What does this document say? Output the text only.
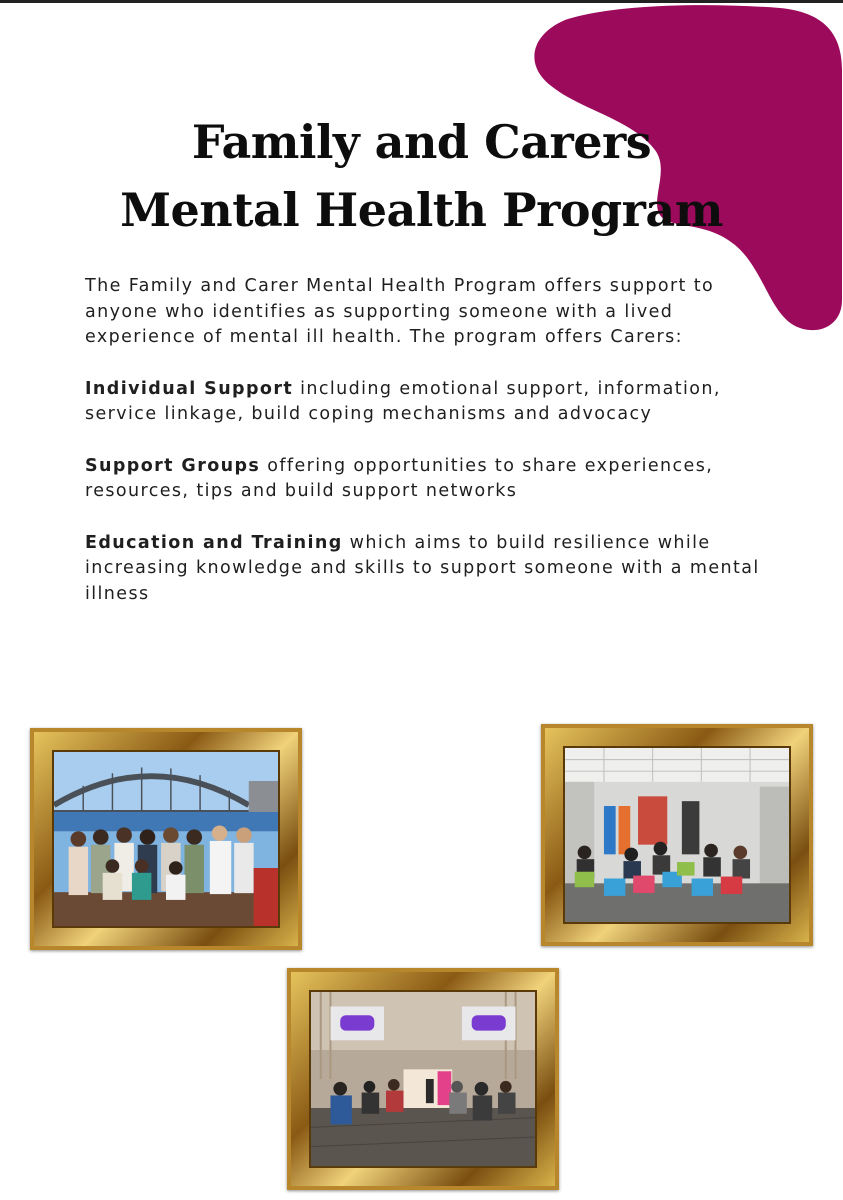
Family and Carers
Mental Health Program

The Family and Carer Mental Health Program offers support to anyone who identifies as supporting someone with a lived experience of mental ill health. The program offers Carers:

Individual Support including emotional support, information, service linkage, build coping mechanisms and advocacy

Support Groups offering opportunities to share experiences, resources, tips and build support networks

Education and Training which aims to build resilience while increasing knowledge and skills to support someone with a mental illness
